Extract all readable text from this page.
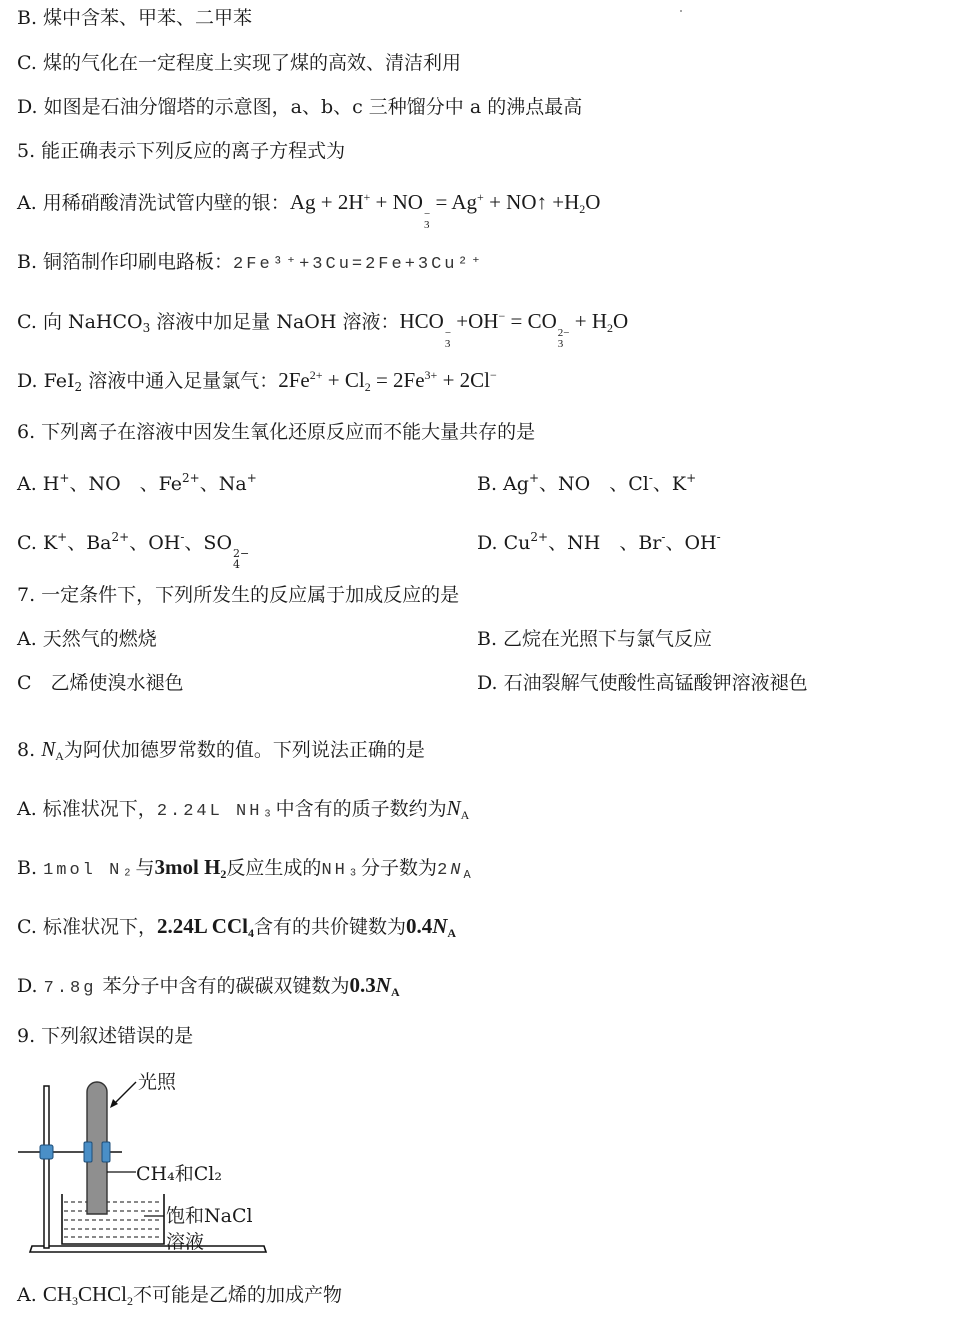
B. 煤中含苯、甲苯、二甲苯
C. 煤的气化在一定程度上实现了煤的高效、清洁利用
D. 如图是石油分馏塔的示意图，a、b、c 三种馏分中 a 的沸点最高
5. 能正确表示下列反应的离子方程式为
A. 用稀硝酸清洗试管内壁的银：Ag + 2H+ + NO −
3
= Ag+ + NO↑ $+H_2O$
B. 铜箔制作印刷电路板：2Fe³⁺+3Cu=2Fe+3Cu²⁺
C. 向 NaHCO$_3$ 溶液中加足量 NaOH 溶液：HCO −
3
+OH− = CO 2−
3
+ $H_2O$
D. FeI$_2$ 溶液中通入足量氯气：$2Fe^{2+} + Cl_2 = 2Fe^{3+} + 2Cl^-$
6. 下列离子在溶液中因发生氧化还原反应而不能大量共存的是
A. H+、NO　、$Fe^{2+}$、Na+	B. Ag+、NO　、Cl-、K+
C. K+、$Ba^{2+}$、OH-、SO 2−
4
D. $Cu^{2+}$、NH　、Br-、OH-
7. 一定条件下，下列所发生的反应属于加成反应的是
A. 天然气的燃烧	B. 乙烷在光照下与氯气反应
C　乙烯使溴水褪色	D. 石油裂解气使酸性高锰酸钾溶液褪色
8. $N_A$为阿伏加德罗常数的值。下列说法正确的是
A. 标准状况下，2.24L NH₃中含有的质子数约为$N_A$
B. 1mol N₂与3mol $H_2$反应生成的NH₃分子数为$2N_A$
C. 标准状况下，2.24L CCl$_4$含有的共价键数为$0.4N_A$
D. 7.8g 苯分子中含有的碳碳双键数为$0.3N_A$
9. 下列叙述错误的是
光照
CH₄和Cl₂
饱和NaCl
溶液
A. $CH_3CHCl_2$不可能是乙烯的加成产物
